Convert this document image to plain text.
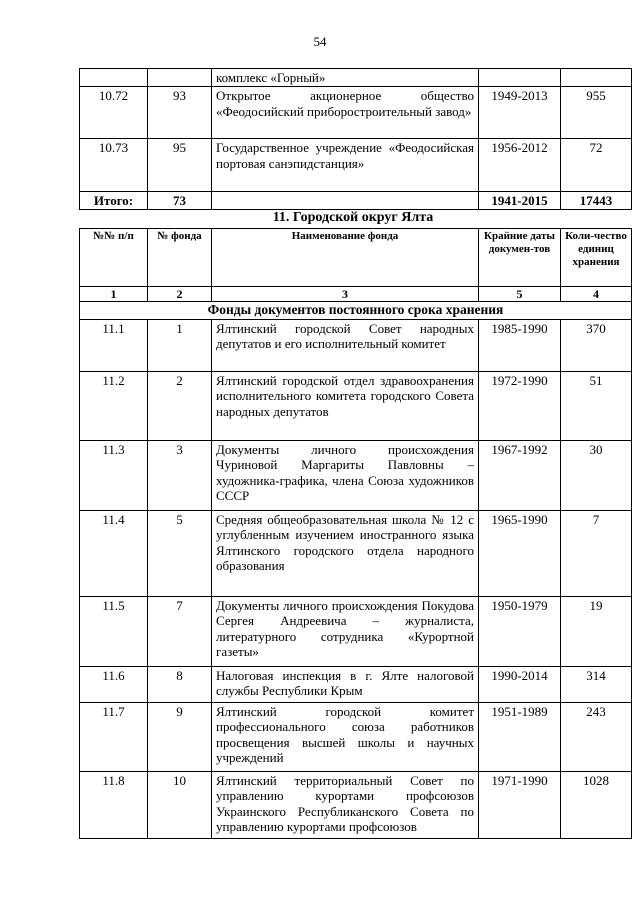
54
		комплекс «Горный»		
10.72	93	Открытое акционерное общество «Феодосийский приборостроительный завод»	1949-2013	955
10.73	95	Государственное учреждение «Феодосийская портовая санэпидстанция»	1956-2012	72
Итого:	73		1941-2015	17443
11. Городской округ Ялта
№№ п/п	№ фонда	Наименование фонда	Крайние даты докумен-тов	Коли-чество единиц хранения
1	2	3	5	4
Фонды документов постоянного срока хранения				
11.1	1	Ялтинский городской Совет народных депутатов и его исполнительный комитет	1985-1990	370
11.2	2	Ялтинский городской отдел здравоохранения исполнительного комитета городского Совета народных депутатов	1972-1990	51
11.3	3	Документы личного происхождения Чуриновой Маргариты Павловны – художника-графика, члена Союза художников СССР	1967-1992	30
11.4	5	Средняя общеобразовательная школа № 12 с углубленным изучением иностранного языка Ялтинского городского отдела народного образования	1965-1990	7
11.5	7	Документы личного происхождения Покудова Сергея Андреевича – журналиста, литературного сотрудника «Курортной газеты»	1950-1979	19
11.6	8	Налоговая инспекция в г. Ялте налоговой службы Республики Крым	1990-2014	314
11.7	9	Ялтинский городской комитет профессионального союза работников просвещения высшей школы и научных учреждений	1951-1989	243
11.8	10	Ялтинский территориальный Совет по управлению курортами профсоюзов Украинского Республиканского Совета по управлению курортами профсоюзов	1971-1990	1028
